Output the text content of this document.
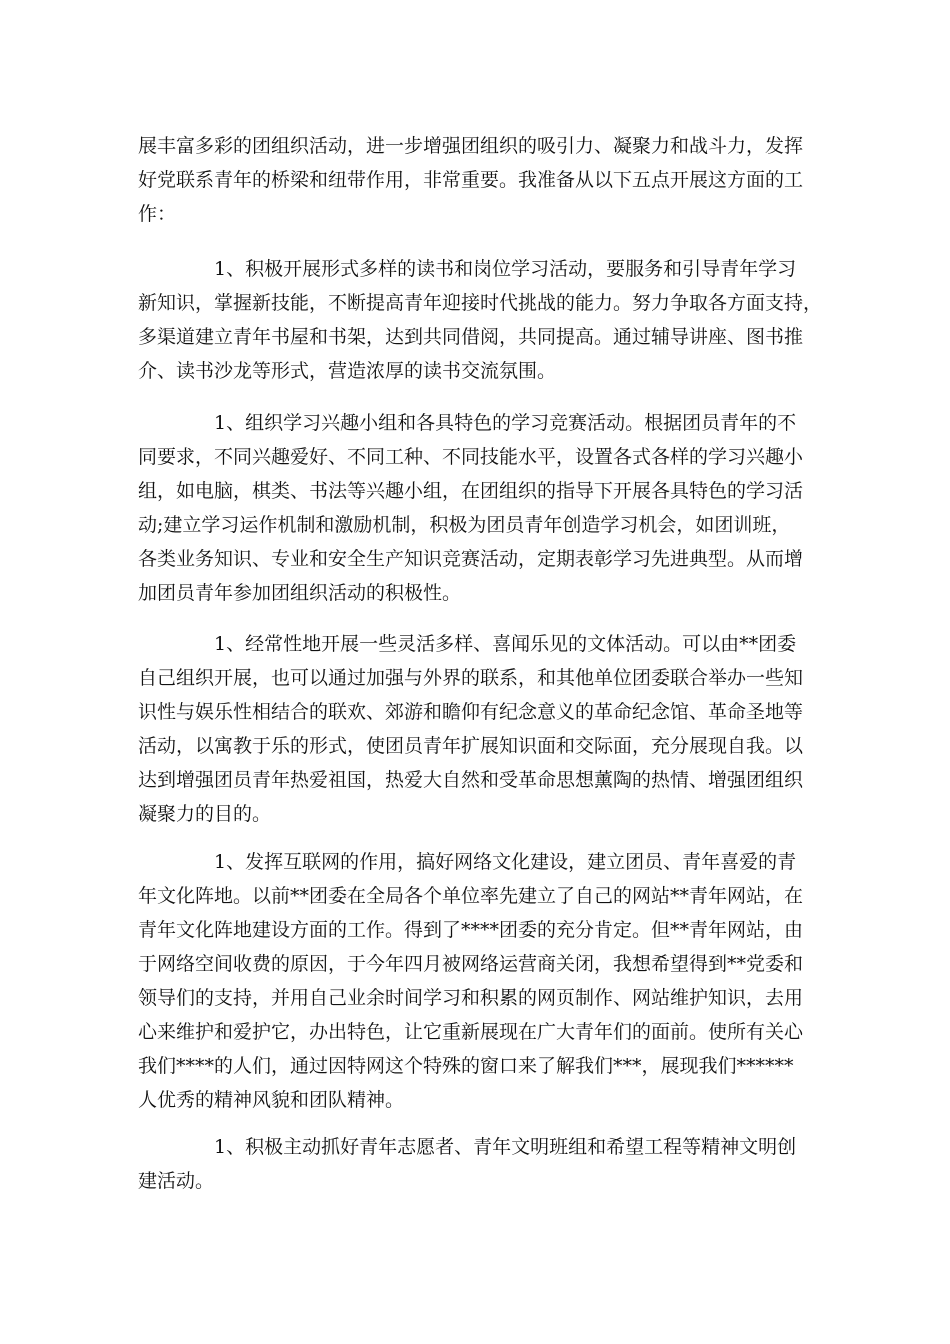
展丰富多彩的团组织活动，进一步增强团组织的吸引力、凝聚力和战斗力，发挥
好党联系青年的桥梁和纽带作用，非常重要。我准备从以下五点开展这方面的工
作：
1、积极开展形式多样的读书和岗位学习活动，要服务和引导青年学习
新知识，掌握新技能，不断提高青年迎接时代挑战的能力。努力争取各方面支持，
多渠道建立青年书屋和书架，达到共同借阅，共同提高。通过辅导讲座、图书推
介、读书沙龙等形式，营造浓厚的读书交流氛围。
1、组织学习兴趣小组和各具特色的学习竞赛活动。根据团员青年的不
同要求，不同兴趣爱好、不同工种、不同技能水平，设置各式各样的学习兴趣小
组，如电脑，棋类、书法等兴趣小组，在团组织的指导下开展各具特色的学习活
动;建立学习运作机制和激励机制，积极为团员青年创造学习机会，如团训班，
各类业务知识、专业和安全生产知识竞赛活动，定期表彰学习先进典型。从而增
加团员青年参加团组织活动的积极性。
1、经常性地开展一些灵活多样、喜闻乐见的文体活动。可以由**团委
自己组织开展，也可以通过加强与外界的联系，和其他单位团委联合举办一些知
识性与娱乐性相结合的联欢、郊游和瞻仰有纪念意义的革命纪念馆、革命圣地等
活动，以寓教于乐的形式，使团员青年扩展知识面和交际面，充分展现自我。以
达到增强团员青年热爱祖国，热爱大自然和受革命思想薰陶的热情、增强团组织
凝聚力的目的。
1、发挥互联网的作用，搞好网络文化建设，建立团员、青年喜爱的青
年文化阵地。以前**团委在全局各个单位率先建立了自己的网站**青年网站，在
青年文化阵地建设方面的工作。得到了****团委的充分肯定。但**青年网站，由
于网络空间收费的原因，于今年四月被网络运营商关闭，我想希望得到**党委和
领导们的支持，并用自己业余时间学习和积累的网页制作、网站维护知识，去用
心来维护和爱护它，办出特色，让它重新展现在广大青年们的面前。使所有关心
我们****的人们，通过因特网这个特殊的窗口来了解我们***，展现我们******
人优秀的精神风貌和团队精神。
1、积极主动抓好青年志愿者、青年文明班组和希望工程等精神文明创
建活动。
